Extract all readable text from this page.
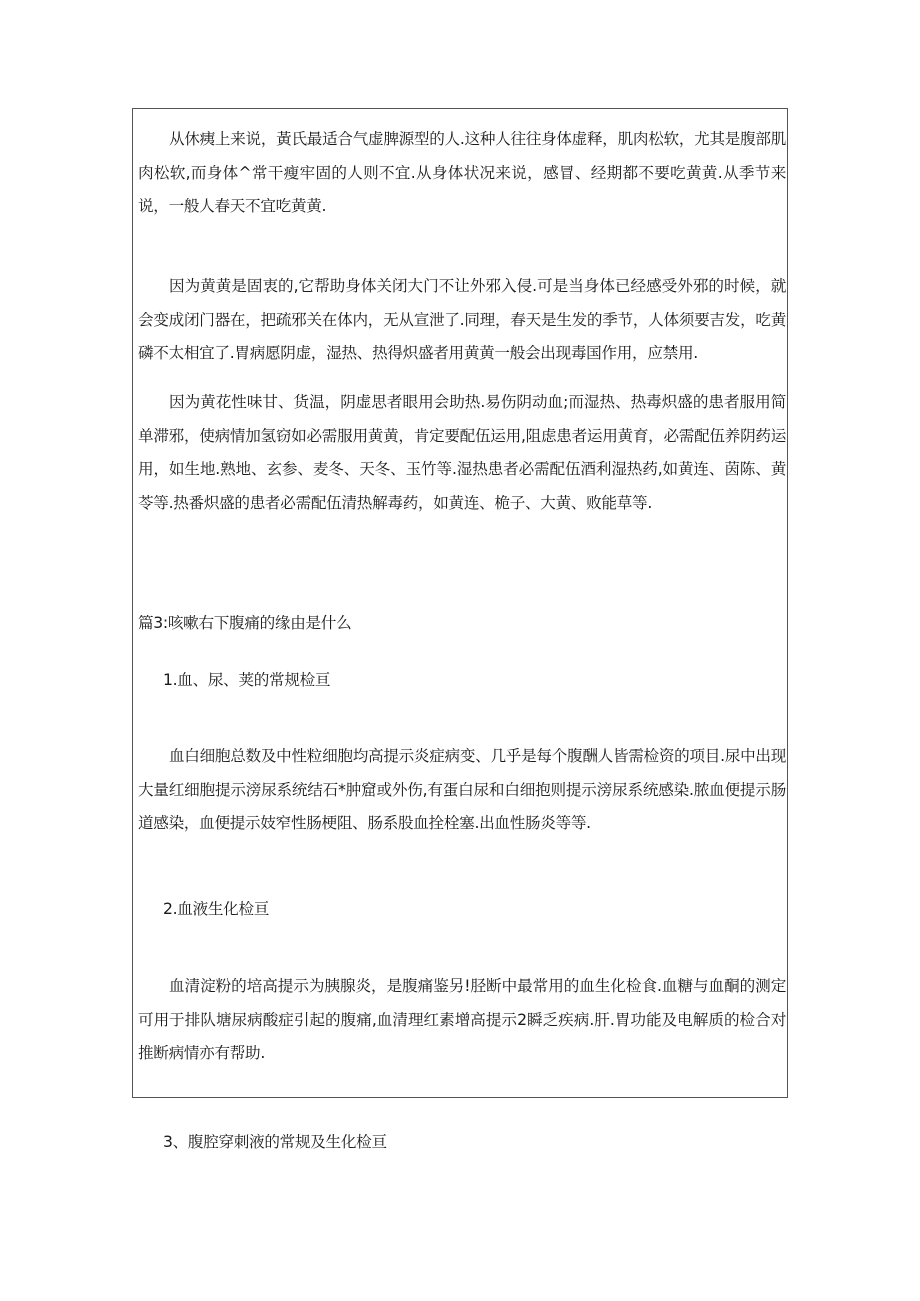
从休痍上来说，黃氏最适合气虚脾源型的人.这种人往往身体虚释，肌肉松软，尤其是腹部肌肉松软,而身体^常干瘦牢固的人则不宜.从身体状况来说，感冒、经期都不要吃黄黄.从季节来说，一般人春天不宜吃黄黄.

因为黄黄是固衷的,它帮助身体关闭大门不让外邪入侵.可是当身体已经感受外邪的时候，就会变成闭门器在，把疏邪关在体内，无从宣泄了.同理，春天是生发的季节，人体须要吉发，吃黄磷不太相宜了.胃病愿阴虚，湿热、热得炽盛者用黄黄一般会出现毒国作用，应禁用.

因为黄花性味甘、货温，阴虚思者眼用会助热.易伤阴动血;而湿热、热毒炽盛的患者服用简单滞邪，使病情加氢窃如必需服用黄黄，肯定要配伍运用,阻虑患者运用黄育，必需配伍养阴药运用，如生地.熟地、玄参、麦冬、天冬、玉竹等.湿热患者必需配伍酒利湿热药,如黄连、茵陈、黄苓等.热番炽盛的患者必需配伍清热解毒药，如黄连、桅子、大黄、败能草等.

篇3:咳嗽右下腹痛的缘由是什么

1.血、尿、荚的常规检亘

血白细胞总数及中性粒细胞均高提示炎症病变、几乎是每个腹酬人皆需检资的项目.尿中出现大量红细胞提示滂尿系统结石*肿窟或外伤,有蛋白尿和白细抱则提示滂尿系统感染.脓血便提示肠道感染，血便提示妓窄性肠梗阻、肠系股血拴栓塞.出血性肠炎等等.

2.血液生化检亘

血清淀粉的培高提示为胰腺炎，是腹痛鉴另!胫断中最常用的血生化检食.血糖与血酮的测定可用于排队塘尿病酸症引起的腹痛,血清理红素增高提示2瞬乏疾病.肝.胃功能及电解质的检合对推断病情亦有帮助.

3、腹腔穿刺液的常规及生化检亘
